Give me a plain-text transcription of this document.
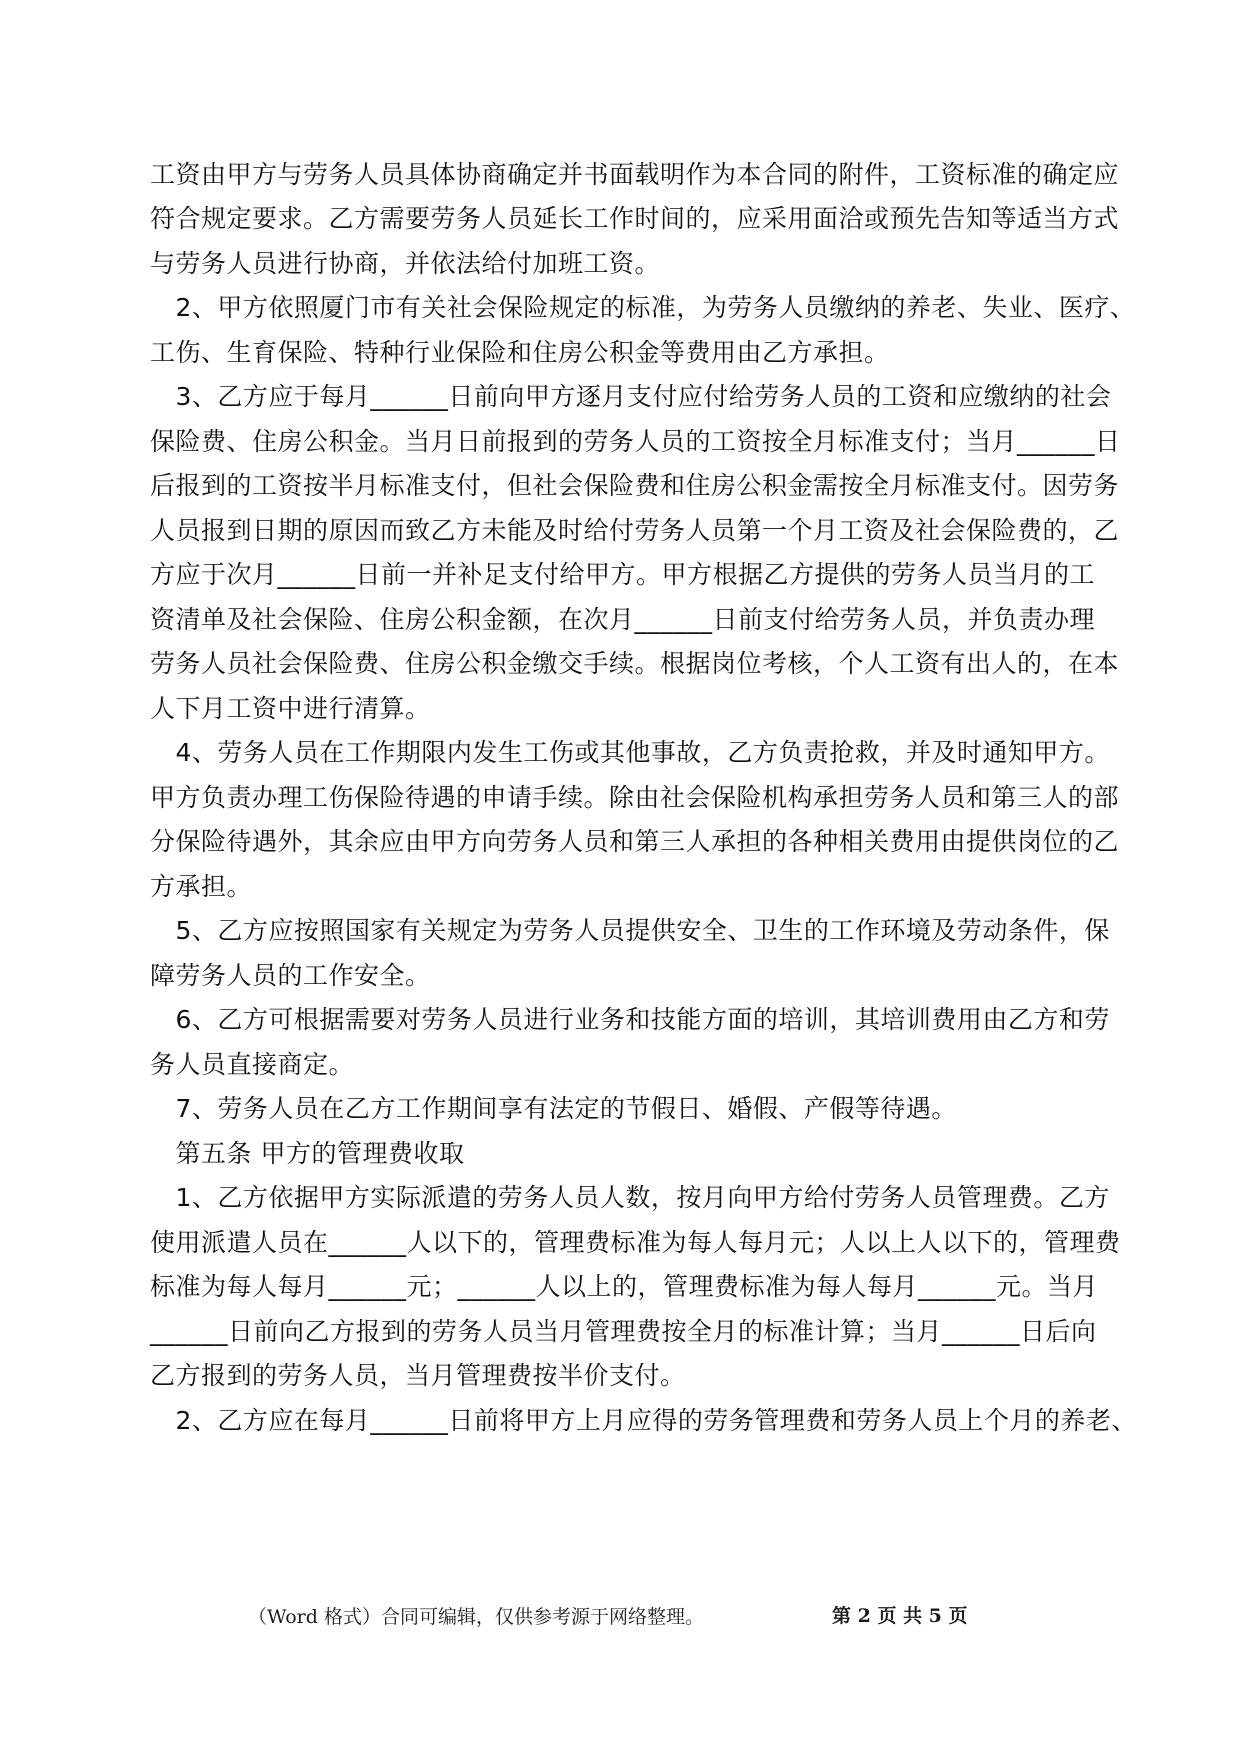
工资由甲方与劳务人员具体协商确定并书面载明作为本合同的附件，工资标准的确定应
符合规定要求。乙方需要劳务人员延长工作时间的，应采用面洽或预先告知等适当方式
与劳务人员进行协商，并依法给付加班工资。
　2、甲方依照厦门市有关社会保险规定的标准，为劳务人员缴纳的养老、失业、医疗、
工伤、生育保险、特种行业保险和住房公积金等费用由乙方承担。
　3、乙方应于每月______日前向甲方逐月支付应付给劳务人员的工资和应缴纳的社会
保险费、住房公积金。当月日前报到的劳务人员的工资按全月标准支付；当月______日
后报到的工资按半月标准支付，但社会保险费和住房公积金需按全月标准支付。因劳务
人员报到日期的原因而致乙方未能及时给付劳务人员第一个月工资及社会保险费的，乙
方应于次月______日前一并补足支付给甲方。甲方根据乙方提供的劳务人员当月的工
资清单及社会保险、住房公积金额，在次月______日前支付给劳务人员，并负责办理
劳务人员社会保险费、住房公积金缴交手续。根据岗位考核，个人工资有出人的，在本
人下月工资中进行清算。
　4、劳务人员在工作期限内发生工伤或其他事故，乙方负责抢救，并及时通知甲方。
甲方负责办理工伤保险待遇的申请手续。除由社会保险机构承担劳务人员和第三人的部
分保险待遇外，其余应由甲方向劳务人员和第三人承担的各种相关费用由提供岗位的乙
方承担。
　5、乙方应按照国家有关规定为劳务人员提供安全、卫生的工作环境及劳动条件，保
障劳务人员的工作安全。
　6、乙方可根据需要对劳务人员进行业务和技能方面的培训，其培训费用由乙方和劳
务人员直接商定。
　7、劳务人员在乙方工作期间享有法定的节假日、婚假、产假等待遇。
　第五条 甲方的管理费收取
　1、乙方依据甲方实际派遣的劳务人员人数，按月向甲方给付劳务人员管理费。乙方
使用派遣人员在______人以下的，管理费标准为每人每月元；人以上人以下的，管理费
标准为每人每月______元；______人以上的，管理费标准为每人每月______元。当月
______日前向乙方报到的劳务人员当月管理费按全月的标准计算；当月______日后向
乙方报到的劳务人员，当月管理费按半价支付。
　2、乙方应在每月______日前将甲方上月应得的劳务管理费和劳务人员上个月的养老、
（Word 格式）合同可编辑，仅供参考源于网络整理。	第 2 页 共 5 页
